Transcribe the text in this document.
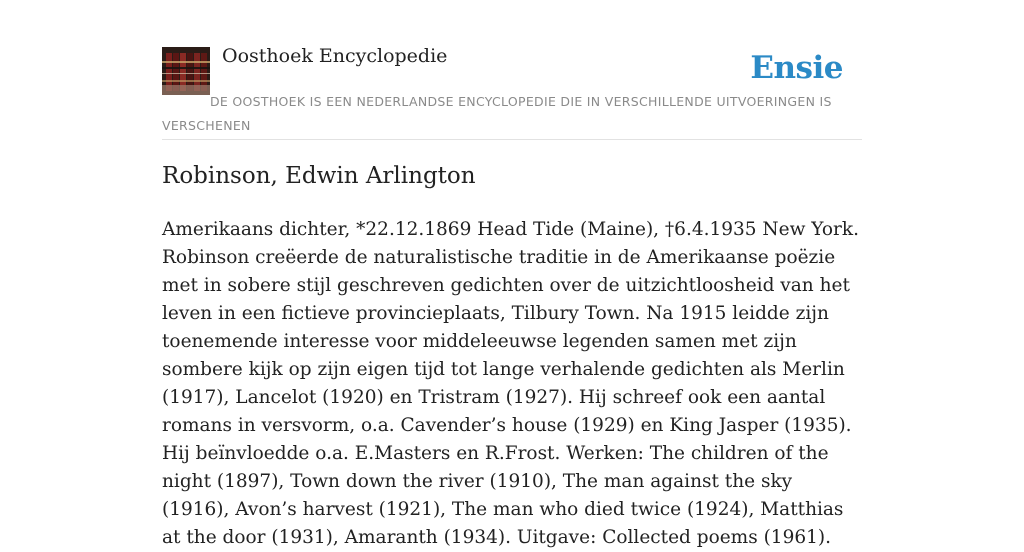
Oosthoek Encyclopedie	Ensie
DE OOSTHOEK IS EEN NEDERLANDSE ENCYCLOPEDIE DIE IN VERSCHILLENDE UITVOERINGEN IS VERSCHENEN
Robinson, Edwin Arlington

Amerikaans dichter, *22.12.1869 Head Tide (Maine), †6.4.1935 New York. Robinson creëerde de naturalistische traditie in de Amerikaanse poëzie met in sobere stijl geschreven gedichten over de uitzichtloosheid van het leven in een fictieve provincieplaats, Tilbury Town. Na 1915 leidde zijn toenemende interesse voor middeleeuwse legenden samen met zijn sombere kijk op zijn eigen tijd tot lange verhalende gedichten als Merlin (1917), Lancelot (1920) en Tristram (1927). Hij schreef ook een aantal romans in versvorm, o.a. Cavender’s house (1929) en King Jasper (1935). Hij beïnvloedde o.a. E.Masters en R.Frost. Werken: The children of the night (1897), Town down the river (1910), The man against the sky (1916), Avon’s harvest (1921), The man who died twice (1924), Matthias at the door (1931), Amaranth (1934). Uitgave: Collected poems (1961).
